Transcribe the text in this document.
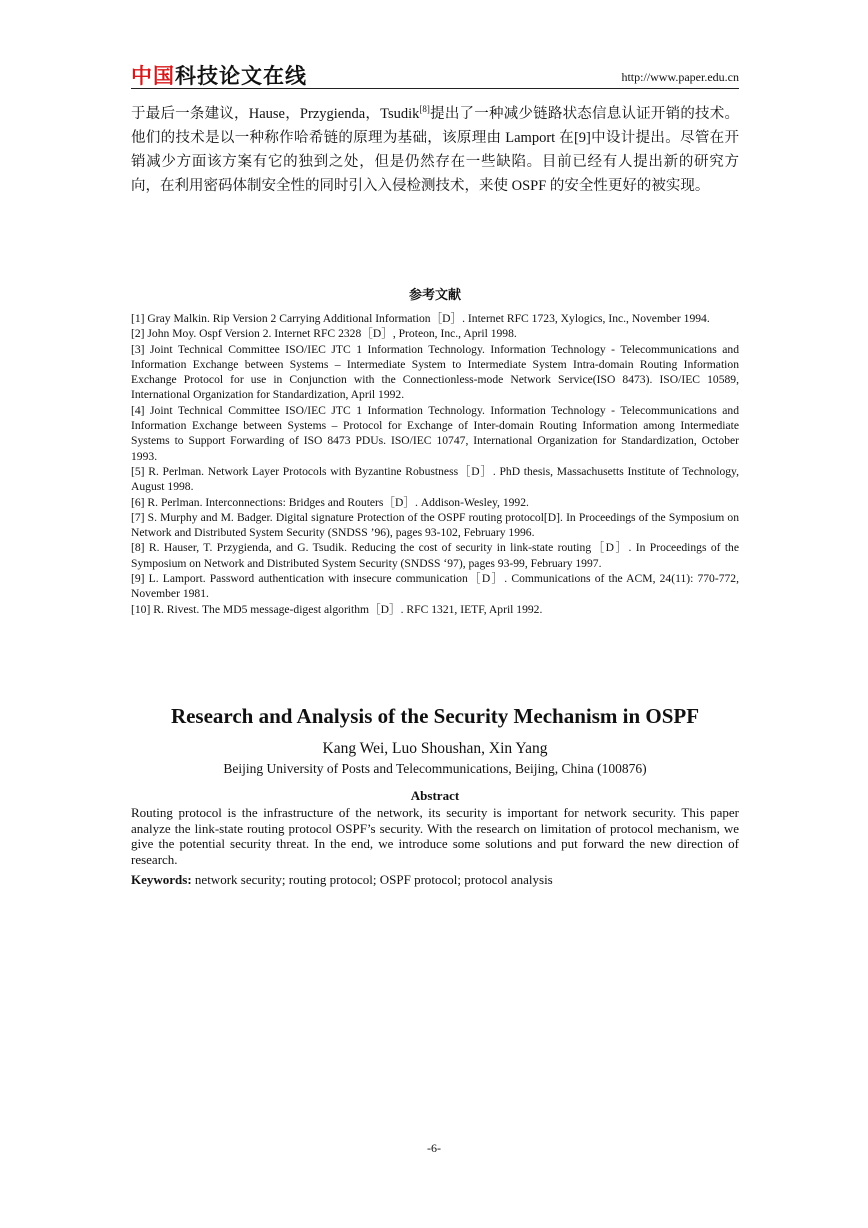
中国科技论文在线	http://www.paper.edu.cn
于最后一条建议，Hause，Przygienda，Tsudik[8]提出了一种减少链路状态信息认证开销的技术。他们的技术是以一种称作哈希链的原理为基础，该原理由 Lamport 在[9]中设计提出。尽管在开销减少方面该方案有它的独到之处，但是仍然存在一些缺陷。目前已经有人提出新的研究方向，在利用密码体制安全性的同时引入入侵检测技术，来使 OSPF 的安全性更好的被实现。
参考文献

[1] Gray Malkin. Rip Version 2 Carrying Additional Information［D］. Internet RFC 1723, Xylogics, Inc., November 1994.

[2] John Moy. Ospf Version 2. Internet RFC 2328［D］, Proteon, Inc., April 1998.

[3] Joint Technical Committee ISO/IEC JTC 1 Information Technology. Information Technology - Telecommunications and Information Exchange between Systems – Intermediate System to Intermediate System Intra-domain Routing Information Exchange Protocol for use in Conjunction with the Connectionless-mode Network Service(ISO 8473). ISO/IEC 10589, International Organization for Standardization, April 1992.

[4] Joint Technical Committee ISO/IEC JTC 1 Information Technology. Information Technology - Telecommunications and Information Exchange between Systems – Protocol for Exchange of Inter-domain Routing Information among Intermediate Systems to Support Forwarding of ISO 8473 PDUs. ISO/IEC 10747, International Organization for Standardization, October 1993.

[5] R. Perlman. Network Layer Protocols with Byzantine Robustness［D］. PhD thesis, Massachusetts Institute of Technology, August 1998.

[6] R. Perlman. Interconnections: Bridges and Routers［D］. Addison-Wesley, 1992.

[7] S. Murphy and M. Badger. Digital signature Protection of the OSPF routing protocol[D]. In Proceedings of the Symposium on Network and Distributed System Security (SNDSS ’96), pages 93-102, February 1996.

[8] R. Hauser, T. Przygienda, and G. Tsudik. Reducing the cost of security in link-state routing［D］. In Proceedings of the Symposium on Network and Distributed System Security (SNDSS ‘97), pages 93-99, February 1997.

[9] L. Lamport. Password authentication with insecure communication［D］. Communications of the ACM, 24(11): 770-772, November 1981.

[10] R. Rivest. The MD5 message-digest algorithm［D］. RFC 1321, IETF, April 1992.

Research and Analysis of the Security Mechanism in OSPF
Kang Wei, Luo Shoushan, Xin Yang
Beijing University of Posts and Telecommunications, Beijing, China (100876)
Abstract
Routing protocol is the infrastructure of the network, its security is important for network security. This paper analyze the link-state routing protocol OSPF’s security. With the research on limitation of protocol mechanism, we give the potential security threat. In the end, we introduce some solutions and put forward the new direction of research.
Keywords: network security; routing protocol; OSPF protocol; protocol analysis
-6-
